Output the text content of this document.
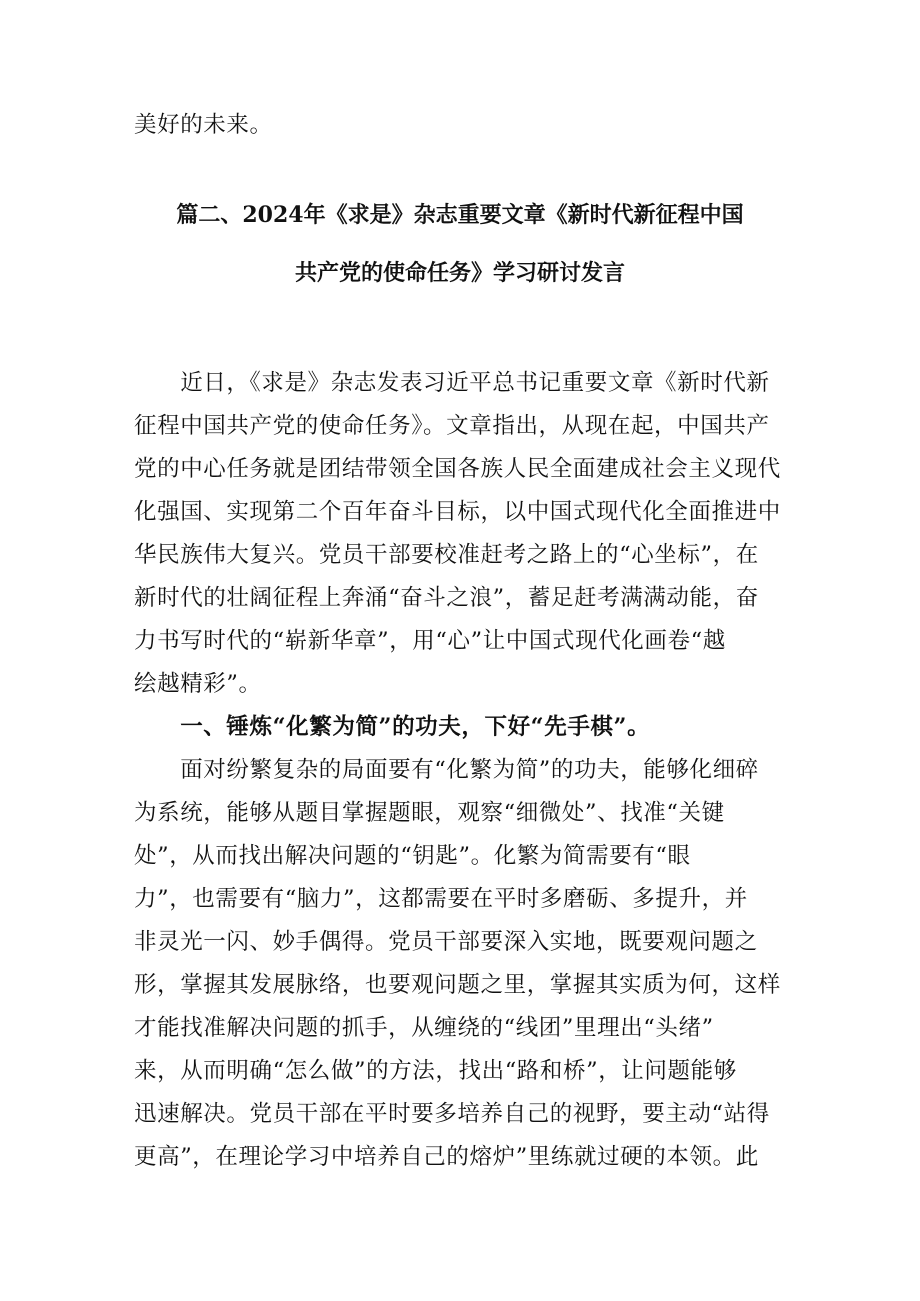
美好的未来。
篇二、2024年《求是》杂志重要文章《新时代新征程中国
共产党的使命任务》学习研讨发言
　　近日，《求是》杂志发表习近平总书记重要文章《新时代新
征程中国共产党的使命任务》。文章指出，从现在起，中国共产
党的中心任务就是团结带领全国各族人民全面建成社会主义现代
化强国、实现第二个百年奋斗目标，以中国式现代化全面推进中
华民族伟大复兴。党员干部要校准赶考之路上的“心坐标”，在
新时代的壮阔征程上奔涌“奋斗之浪”，蓄足赶考满满动能，奋
力书写时代的“崭新华章”，用“心”让中国式现代化画卷“越
绘越精彩”。
　　一、锤炼“化繁为简”的功夫，下好“先手棋”。
　　面对纷繁复杂的局面要有“化繁为简”的功夫，能够化细碎
为系统，能够从题目掌握题眼，观察“细微处”、找准“关键
处”，从而找出解决问题的“钥匙”。化繁为简需要有“眼
力”，也需要有“脑力”，这都需要在平时多磨砺、多提升，并
非灵光一闪、妙手偶得。党员干部要深入实地，既要观问题之
形，掌握其发展脉络，也要观问题之里，掌握其实质为何，这样
才能找准解决问题的抓手，从缠绕的“线团”里理出“头绪”
来，从而明确“怎么做”的方法，找出“路和桥”，让问题能够
迅速解决。党员干部在平时要多培养自己的视野，要主动“站得
更高”，在理论学习中培养自己的熔炉”里练就过硬的本领。此
